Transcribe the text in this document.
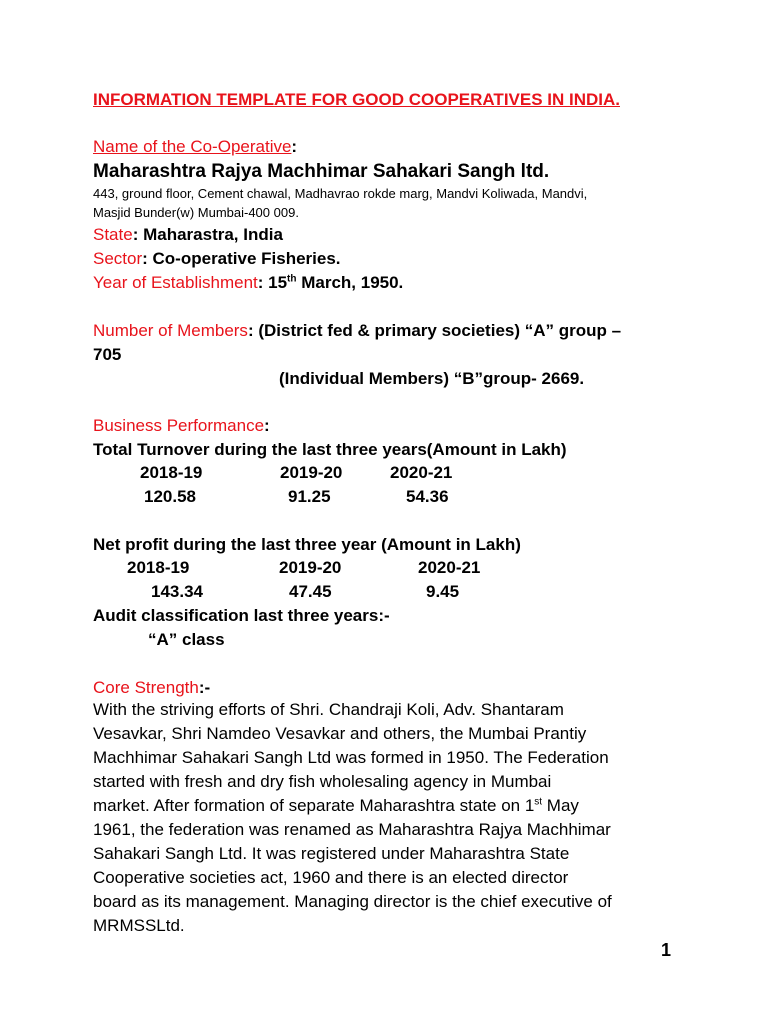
INFORMATION TEMPLATE FOR GOOD COOPERATIVES IN INDIA.
Name of the Co-Operative:
Maharashtra Rajya Machhimar Sahakari Sangh ltd.
443, ground floor, Cement chawal, Madhavrao rokde marg, Mandvi Koliwada, Mandvi,
Masjid Bunder(w) Mumbai-400 009.
State: Maharastra, India
Sector: Co-operative Fisheries.
Year of Establishment: 15th March, 1950.
Number of Members: (District fed & primary societies) “A” group –
705
(Individual Members) “B”group- 2669.
Business Performance:
Total Turnover during the last three years(Amount in Lakh)
2018-19	2019-20	2020-21
120.58	91.25	54.36
Net profit during the last three year (Amount in Lakh)
2018-19	2019-20	2020-21
143.34	47.45	9.45
Audit classification last three years:-
“A” class
Core Strength:-
With the striving efforts of Shri. Chandraji Koli, Adv. Shantaram
Vesavkar, Shri Namdeo Vesavkar and others, the Mumbai Prantiy
Machhimar Sahakari Sangh Ltd was formed in 1950. The Federation
started with fresh and dry fish wholesaling agency in Mumbai
market. After formation of separate Maharashtra state on 1st May
1961, the federation was renamed as Maharashtra Rajya Machhimar
Sahakari Sangh Ltd. It was registered under Maharashtra State
Cooperative societies act, 1960 and there is an elected director
board as its management. Managing director is the chief executive of
MRMSSLtd.
1
